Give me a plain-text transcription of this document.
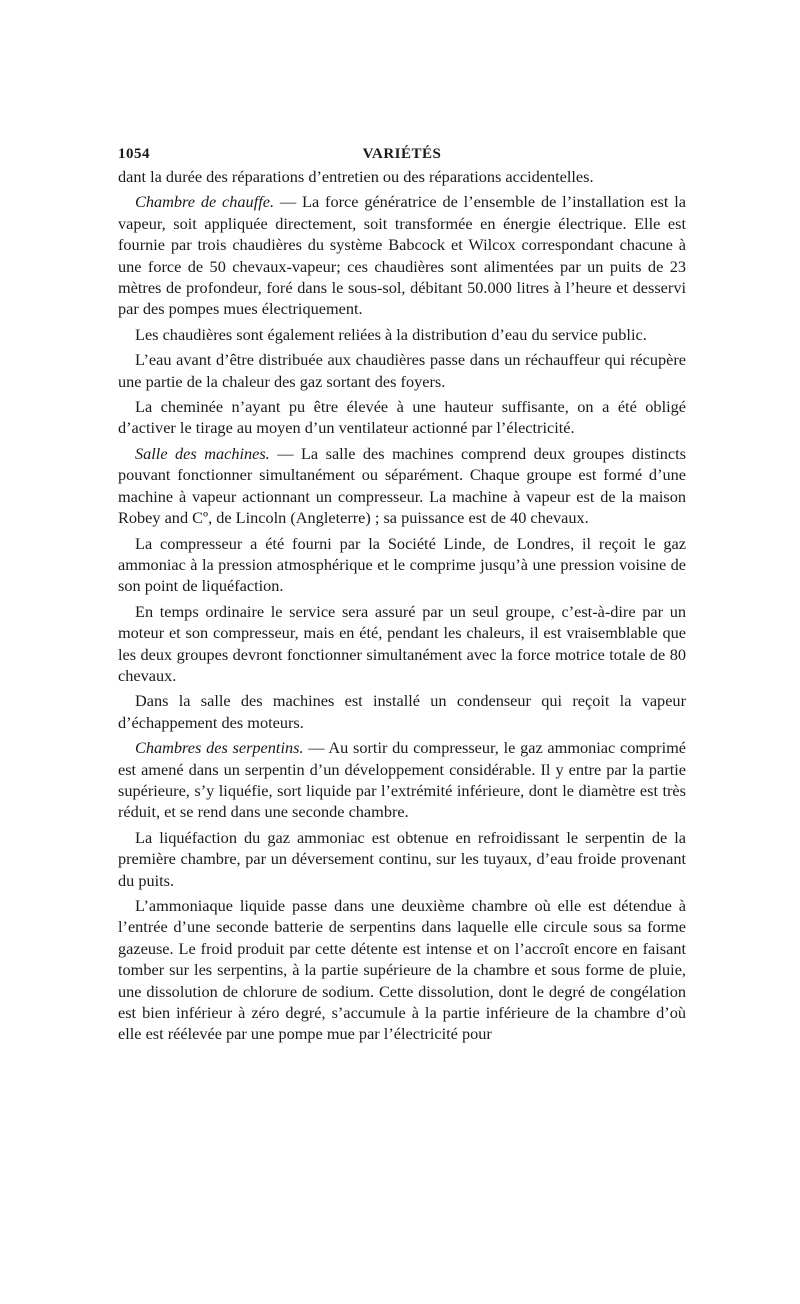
1054	VARIÉTÉS

dant la durée des réparations d’entretien ou des réparations accidentelles.

Chambre de chauffe. — La force génératrice de l’ensemble de l’installation est la vapeur, soit appliquée directement, soit transformée en énergie électrique. Elle est fournie par trois chaudières du système Babcock et Wilcox correspondant chacune à une force de 50 chevaux-vapeur; ces chaudières sont alimentées par un puits de 23 mètres de profondeur, foré dans le sous-sol, débitant 50.000 litres à l’heure et desservi par des pompes mues électriquement.

Les chaudières sont également reliées à la distribution d’eau du service public.

L’eau avant d’être distribuée aux chaudières passe dans un réchauffeur qui récupère une partie de la chaleur des gaz sortant des foyers.

La cheminée n’ayant pu être élevée à une hauteur suffisante, on a été obligé d’activer le tirage au moyen d’un ventilateur actionné par l’électricité.

Salle des machines. — La salle des machines comprend deux groupes distincts pouvant fonctionner simultanément ou séparément. Chaque groupe est formé d’une machine à vapeur actionnant un compresseur. La machine à vapeur est de la maison Robey and Cº, de Lincoln (Angleterre) ; sa puissance est de 40 chevaux.

La compresseur a été fourni par la Société Linde, de Londres, il reçoit le gaz ammoniac à la pression atmosphérique et le comprime jusqu’à une pression voisine de son point de liquéfaction.

En temps ordinaire le service sera assuré par un seul groupe, c’est-à-dire par un moteur et son compresseur, mais en été, pendant les chaleurs, il est vraisemblable que les deux groupes devront fonctionner simultanément avec la force motrice totale de 80 chevaux.

Dans la salle des machines est installé un condenseur qui reçoit la vapeur d’échappement des moteurs.

Chambres des serpentins. — Au sortir du compresseur, le gaz ammoniac comprimé est amené dans un serpentin d’un développement considérable. Il y entre par la partie supérieure, s’y liquéfie, sort liquide par l’extrémité inférieure, dont le diamètre est très réduit, et se rend dans une seconde chambre.

La liquéfaction du gaz ammoniac est obtenue en refroidissant le serpentin de la première chambre, par un déversement continu, sur les tuyaux, d’eau froide provenant du puits.

L’ammoniaque liquide passe dans une deuxième chambre où elle est détendue à l’entrée d’une seconde batterie de serpentins dans laquelle elle circule sous sa forme gazeuse. Le froid produit par cette détente est intense et on l’accroît encore en faisant tomber sur les serpentins, à la partie supérieure de la chambre et sous forme de pluie, une dissolution de chlorure de sodium. Cette dissolution, dont le degré de congélation est bien inférieur à zéro degré, s’accumule à la partie inférieure de la chambre d’où elle est réélevée par une pompe mue par l’électricité pour
